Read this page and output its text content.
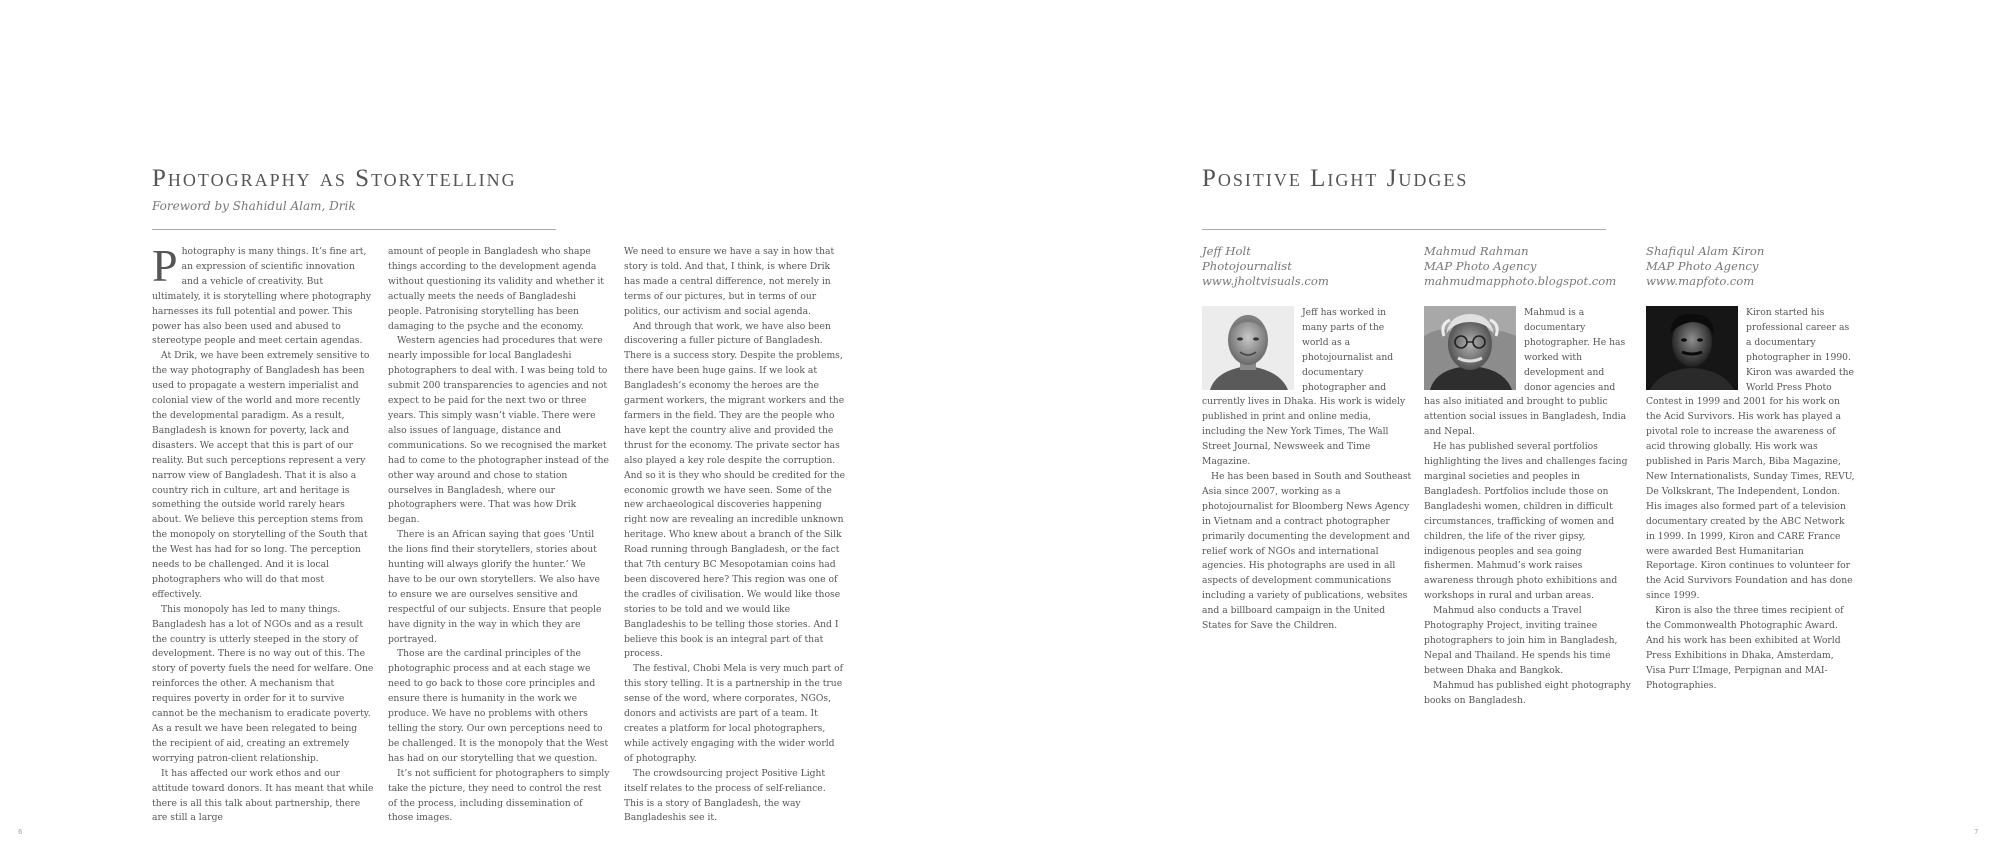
Photography as Storytelling
Foreword by Shahidul Alam, Drik

Photography is many things. It’s fine art, an expression of scientific innovation and a vehicle of creativity. But ultimately, it is storytelling where photography harnesses its full potential and power. This power has also been used and abused to stereotype people and meet certain agendas.

At Drik, we have been extremely sensitive to the way photography of Bangladesh has been used to propagate a western imperialist and colonial view of the world and more recently the developmental paradigm. As a result, Bangladesh is known for poverty, lack and disasters. We accept that this is part of our reality. But such perceptions represent a very narrow view of Bangladesh. That it is also a country rich in culture, art and heritage is something the outside world rarely hears about. We believe this perception stems from the monopoly on storytelling of the South that the West has had for so long. The perception needs to be challenged. And it is local photographers who will do that most effectively.

This monopoly has led to many things. Bangladesh has a lot of NGOs and as a result the country is utterly steeped in the story of development. There is no way out of this. The story of poverty fuels the need for welfare. One reinforces the other. A mechanism that requires poverty in order for it to survive cannot be the mechanism to eradicate poverty. As a result we have been relegated to being the recipient of aid, creating an extremely worrying patron-client relationship.

It has affected our work ethos and our attitude toward donors. It has meant that while there is all this talk about partnership, there are still a large

amount of people in Bangladesh who shape things according to the development agenda without questioning its validity and whether it actually meets the needs of Bangladeshi people. Patronising storytelling has been damaging to the psyche and the economy.

Western agencies had procedures that were nearly impossible for local Bangladeshi photographers to deal with. I was being told to submit 200 transparencies to agencies and not expect to be paid for the next two or three years. This simply wasn’t viable. There were also issues of language, distance and communications. So we recognised the market had to come to the photographer instead of the other way around and chose to station ourselves in Bangladesh, where our photographers were. That was how Drik began.

There is an African saying that goes ‘Until the lions find their storytellers, stories about hunting will always glorify the hunter.’ We have to be our own storytellers. We also have to ensure we are ourselves sensitive and respectful of our subjects. Ensure that people have dignity in the way in which they are portrayed.

Those are the cardinal principles of the photographic process and at each stage we need to go back to those core principles and ensure there is humanity in the work we produce. We have no problems with others telling the story. Our own perceptions need to be challenged. It is the monopoly that the West has had on our storytelling that we question.

It’s not sufficient for photographers to simply take the picture, they need to control the rest of the process, including dissemination of those images.

We need to ensure we have a say in how that story is told. And that, I think, is where Drik has made a central difference, not merely in terms of our pictures, but in terms of our politics, our activism and social agenda.

And through that work, we have also been discovering a fuller picture of Bangladesh. There is a success story. Despite the problems, there have been huge gains. If we look at Bangladesh’s economy the heroes are the garment workers, the migrant workers and the farmers in the field. They are the people who have kept the country alive and provided the thrust for the economy. The private sector has also played a key role despite the corruption. And so it is they who should be credited for the economic growth we have seen. Some of the new archaeological discoveries happening right now are revealing an incredible unknown heritage. Who knew about a branch of the Silk Road running through Bangladesh, or the fact that 7th century BC Mesopotamian coins had been discovered here? This region was one of the cradles of civilisation. We would like those stories to be told and we would like Bangladeshis to be telling those stories. And I believe this book is an integral part of that process.

The festival, Chobi Mela is very much part of this story telling. It is a partnership in the true sense of the word, where corporates, NGOs, donors and activists are part of a team. It creates a platform for local photographers, while actively engaging with the wider world of photography.

The crowdsourcing project Positive Light itself relates to the process of self-reliance. This is a story of Bangladesh, the way Bangladeshis see it.

6
Positive Light Judges
Jeff Holt
Photojournalist
www.jholtvisuals.com

Jeff has worked in many parts of the world as a photojournalist and documentary photographer and currently lives in Dhaka. His work is widely published in print and online media, including the New York Times, The Wall Street Journal, Newsweek and Time Magazine.

He has been based in South and Southeast Asia since 2007, working as a photojournalist for Bloomberg News Agency in Vietnam and a contract photographer primarily documenting the development and relief work of NGOs and international agencies. His photographs are used in all aspects of development communications including a variety of publications, websites and a billboard campaign in the United States for Save the Children.

Mahmud Rahman
MAP Photo Agency
mahmudmapphoto.blogspot.com

Mahmud is a documentary photographer. He has worked with development and donor agencies and has also initiated and brought to public attention social issues in Bangladesh, India and Nepal.

He has published several portfolios highlighting the lives and challenges facing marginal societies and peoples in Bangladesh. Portfolios include those on Bangladeshi women, children in difficult circumstances, trafficking of women and children, the life of the river gipsy, indigenous peoples and sea going fishermen. Mahmud’s work raises awareness through photo exhibitions and workshops in rural and urban areas.

Mahmud also conducts a Travel Photography Project, inviting trainee photographers to join him in Bangladesh, Nepal and Thailand. He spends his time between Dhaka and Bangkok.

Mahmud has published eight photography books on Bangladesh.

Shafiqul Alam Kiron
MAP Photo Agency
www.mapfoto.com

Kiron started his professional career as a documentary photographer in 1990. Kiron was awarded the World Press Photo Contest in 1999 and 2001 for his work on the Acid Survivors. His work has played a pivotal role to increase the awareness of acid throwing globally. His work was published in Paris March, Biba Magazine, New Internationalists, Sunday Times, REVU, De Volkskrant, The Independent, London. His images also formed part of a television documentary created by the ABC Network in 1999. In 1999, Kiron and CARE France were awarded Best Humanitarian Reportage. Kiron continues to volunteer for the Acid Survivors Foundation and has done since 1999.

Kiron is also the three times recipient of the Commonwealth Photographic Award. And his work has been exhibited at World Press Exhibitions in Dhaka, Amsterdam, Visa Purr L’Image, Perpignan and MAI-Photographies.

7
